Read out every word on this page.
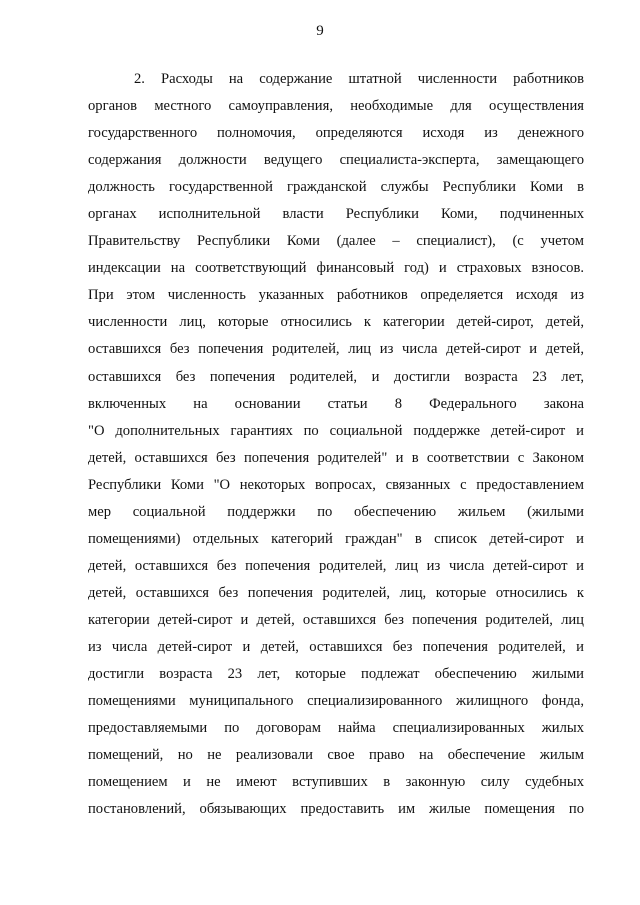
9
2. Расходы на содержание штатной численности работников
органов местного самоуправления, необходимые для осуществления
государственного полномочия, определяются исходя из денежного
содержания должности ведущего специалиста-эксперта, замещающего
должность государственной гражданской службы Республики Коми в
органах исполнительной власти Республики Коми, подчиненных
Правительству Республики Коми (далее – специалист), (с учетом
индексации на соответствующий финансовый год) и страховых взносов.
При этом численность указанных работников определяется исходя из
численности лиц, которые относились к категории детей-сирот, детей,
оставшихся без попечения родителей, лиц из числа детей-сирот и детей,
оставшихся без попечения родителей, и достигли возраста 23 лет,
включенных на основании статьи 8 Федерального закона
"О дополнительных гарантиях по социальной поддержке детей-сирот и
детей, оставшихся без попечения родителей" и в соответствии с Законом
Республики Коми "О некоторых вопросах, связанных с предоставлением
мер социальной поддержки по обеспечению жильем (жилыми
помещениями) отдельных категорий граждан" в список детей-сирот и
детей, оставшихся без попечения родителей, лиц из числа детей-сирот и
детей, оставшихся без попечения родителей, лиц, которые относились к
категории детей-сирот и детей, оставшихся без попечения родителей, лиц
из числа детей-сирот и детей, оставшихся без попечения родителей, и
достигли возраста 23 лет, которые подлежат обеспечению жилыми
помещениями муниципального специализированного жилищного фонда,
предоставляемыми по договорам найма специализированных жилых
помещений, но не реализовали свое право на обеспечение жилым
помещением и не имеют вступивших в законную силу судебных
постановлений, обязывающих предоставить им жилые помещения по
